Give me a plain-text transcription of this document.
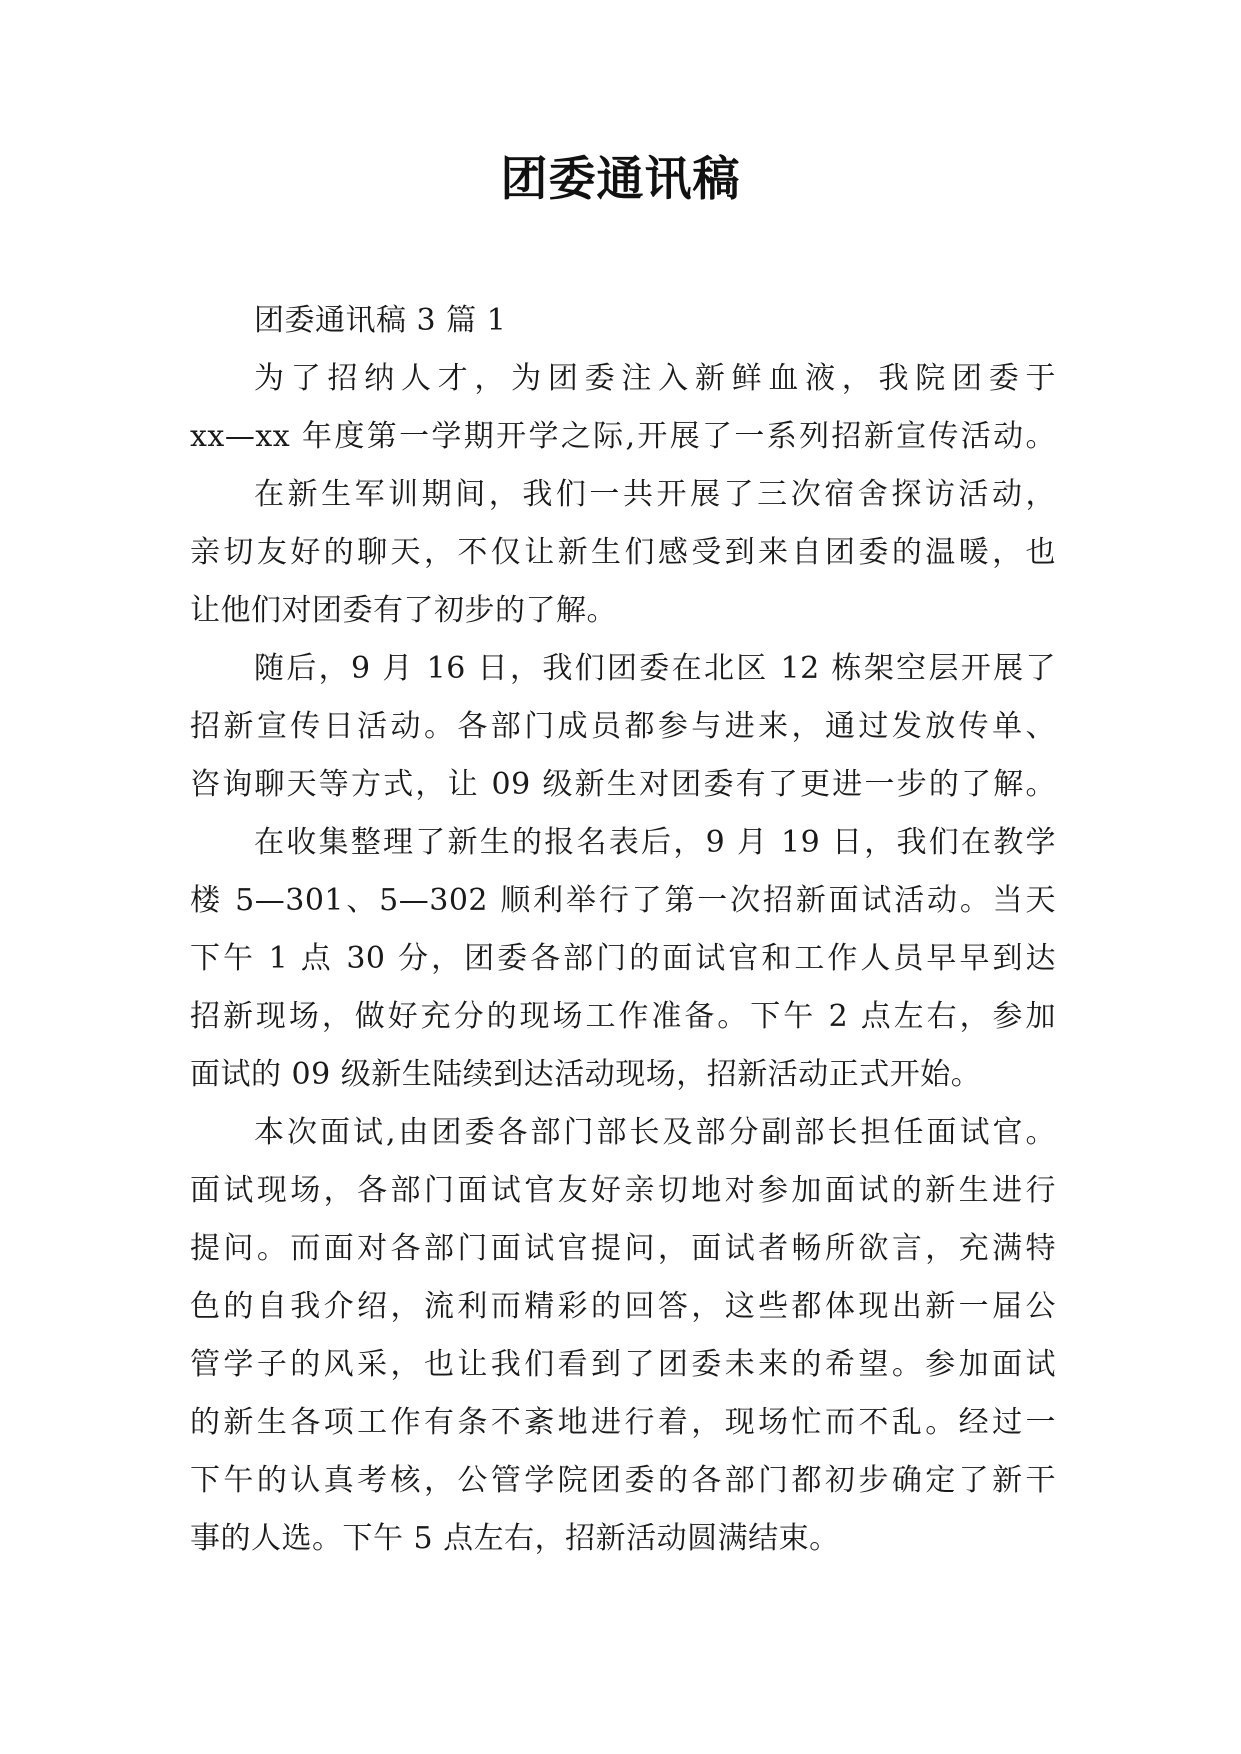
团委通讯稿
团委通讯稿 3 篇 1
为了招纳人才，为团委注入新鲜血液，我院团委于
xx—xx 年度第一学期开学之际,开展了一系列招新宣传活动。
在新生军训期间，我们一共开展了三次宿舍探访活动，
亲切友好的聊天，不仅让新生们感受到来自团委的温暖，也
让他们对团委有了初步的了解。
随后，9 月 16 日，我们团委在北区 12 栋架空层开展了
招新宣传日活动。各部门成员都参与进来，通过发放传单、
咨询聊天等方式，让 09 级新生对团委有了更进一步的了解。
在收集整理了新生的报名表后，9 月 19 日，我们在教学
楼 5—301、5—302 顺利举行了第一次招新面试活动。当天
下午 1 点 30 分，团委各部门的面试官和工作人员早早到达
招新现场，做好充分的现场工作准备。下午 2 点左右，参加
面试的 09 级新生陆续到达活动现场，招新活动正式开始。
本次面试,由团委各部门部长及部分副部长担任面试官。
面试现场，各部门面试官友好亲切地对参加面试的新生进行
提问。而面对各部门面试官提问，面试者畅所欲言，充满特
色的自我介绍，流利而精彩的回答，这些都体现出新一届公
管学子的风采，也让我们看到了团委未来的希望。参加面试
的新生各项工作有条不紊地进行着，现场忙而不乱。经过一
下午的认真考核，公管学院团委的各部门都初步确定了新干
事的人选。下午 5 点左右，招新活动圆满结束。
